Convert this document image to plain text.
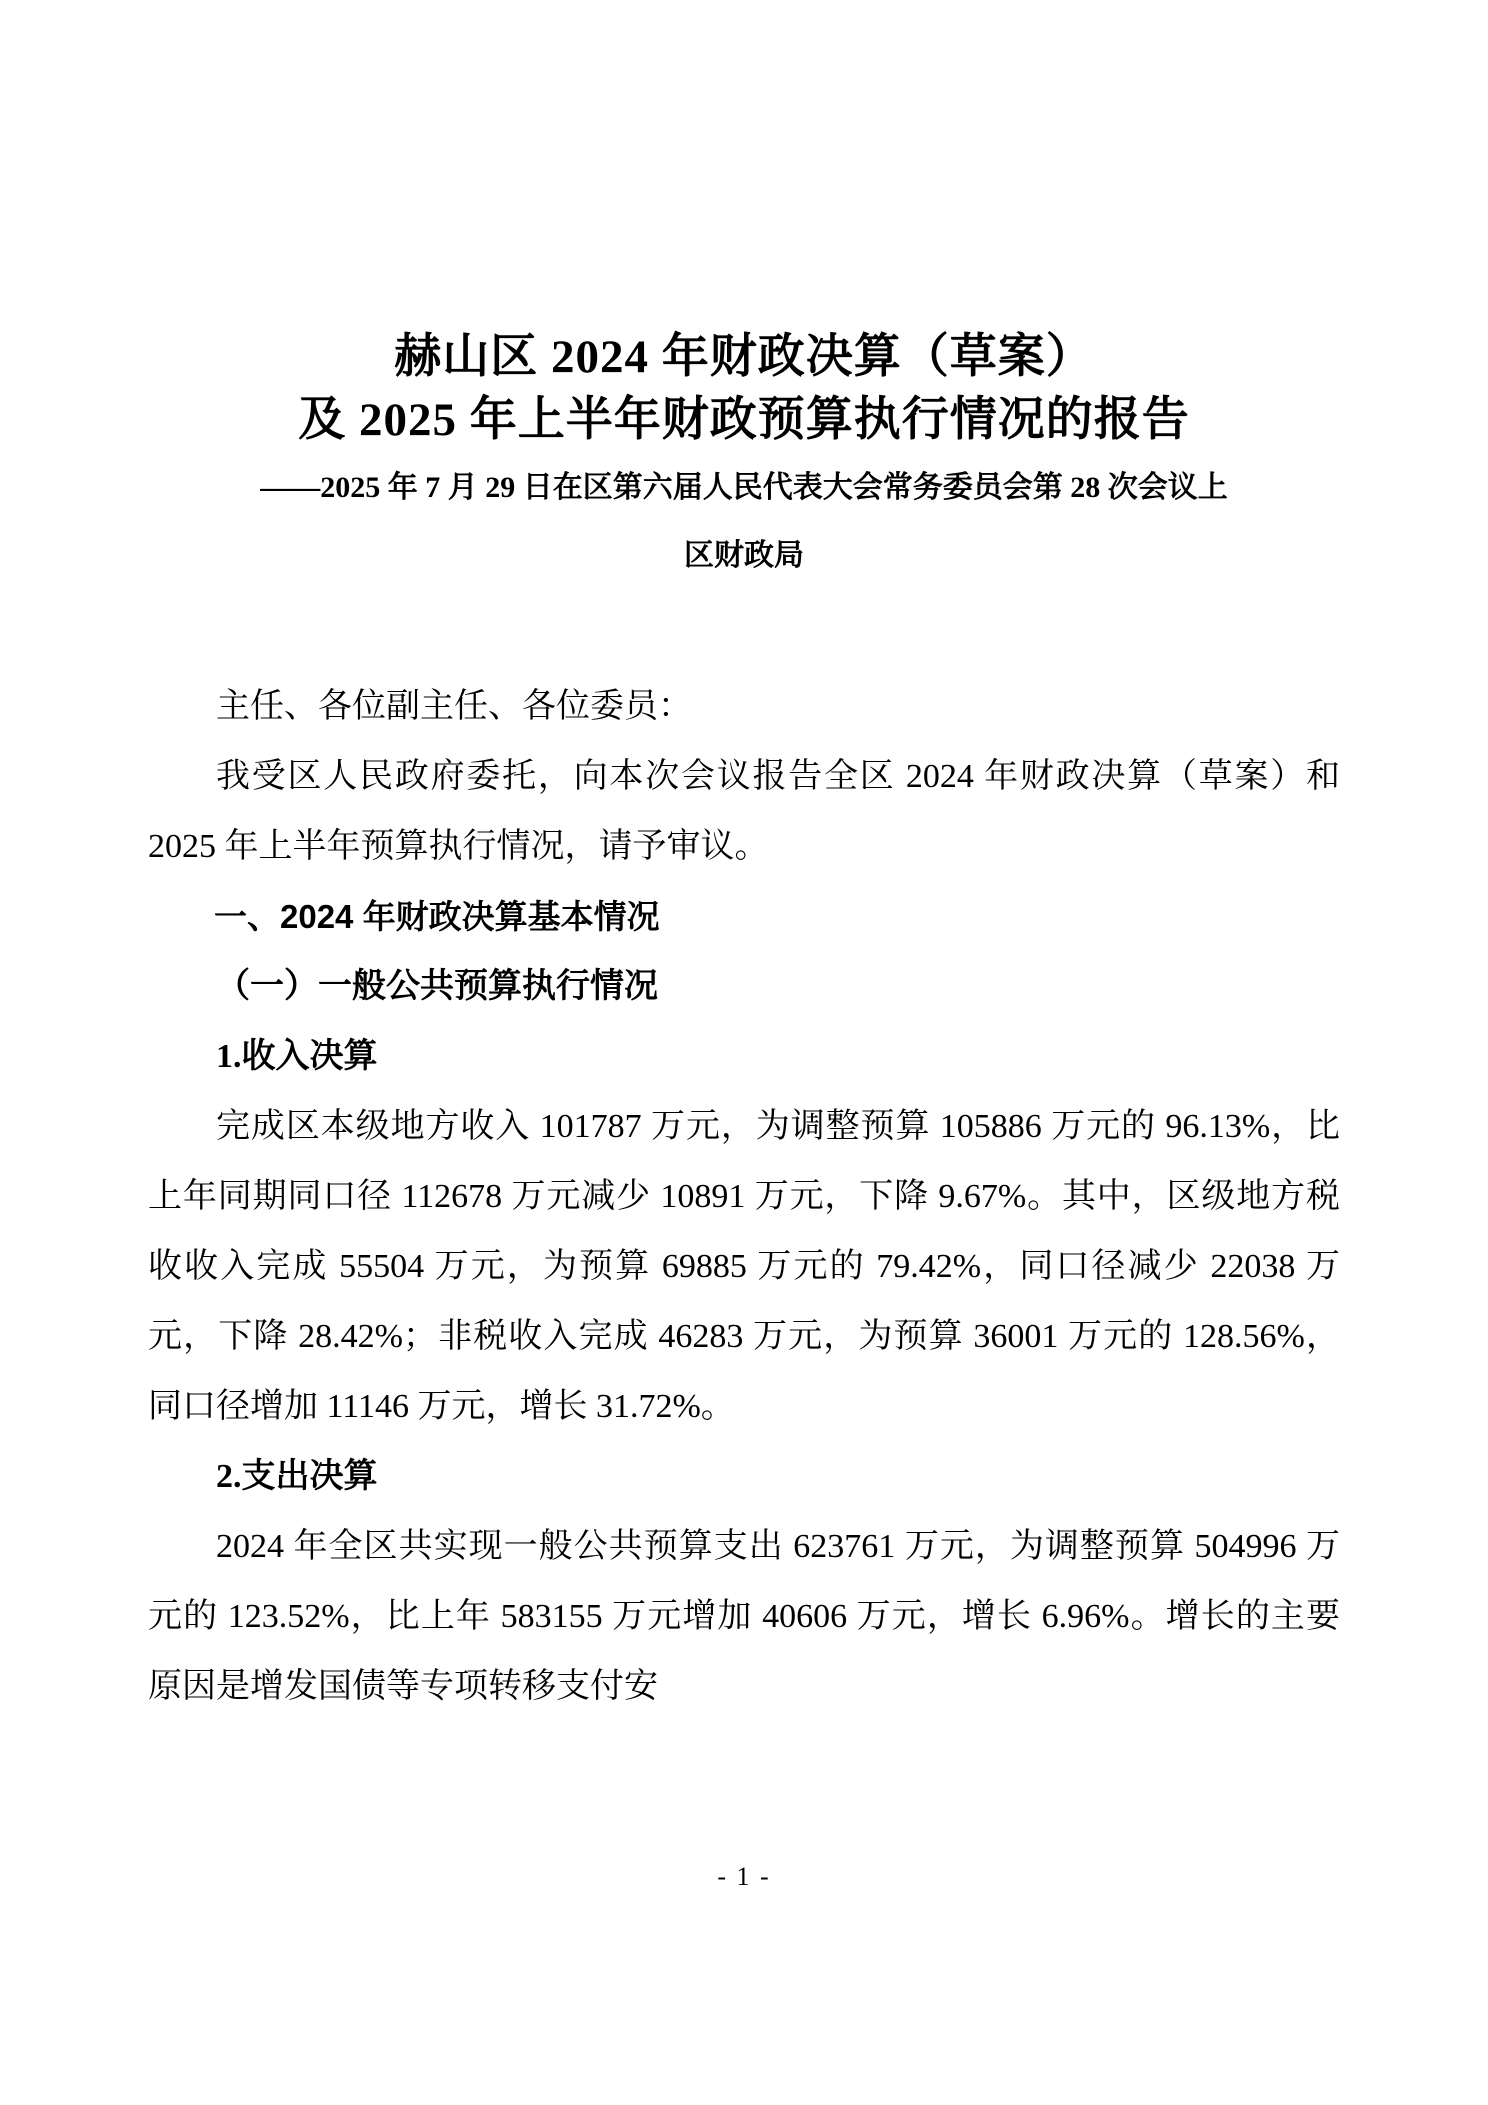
赫山区 2024 年财政决算（草案）
及 2025 年上半年财政预算执行情况的报告
——2025 年 7 月 29 日在区第六届人民代表大会常务委员会第 28 次会议上
区财政局

主任、各位副主任、各位委员：

我受区人民政府委托，向本次会议报告全区 2024 年财政决算（草案）和 2025 年上半年预算执行情况，请予审议。

一、2024 年财政决算基本情况

（一）一般公共预算执行情况

1.收入决算

完成区本级地方收入 101787 万元，为调整预算 105886 万元的 96.13%，比上年同期同口径 112678 万元减少 10891 万元，下降 9.67%。其中，区级地方税收收入完成 55504 万元，为预算 69885 万元的 79.42%，同口径减少 22038 万元，下降 28.42%；非税收入完成 46283 万元，为预算 36001 万元的 128.56%，同口径增加 11146 万元，增长 31.72%。

2.支出决算

2024 年全区共实现一般公共预算支出 623761 万元，为调整预算 504996 万元的 123.52%，比上年 583155 万元增加 40606 万元，增长 6.96%。增长的主要原因是增发国债等专项转移支付安

- 1 -
